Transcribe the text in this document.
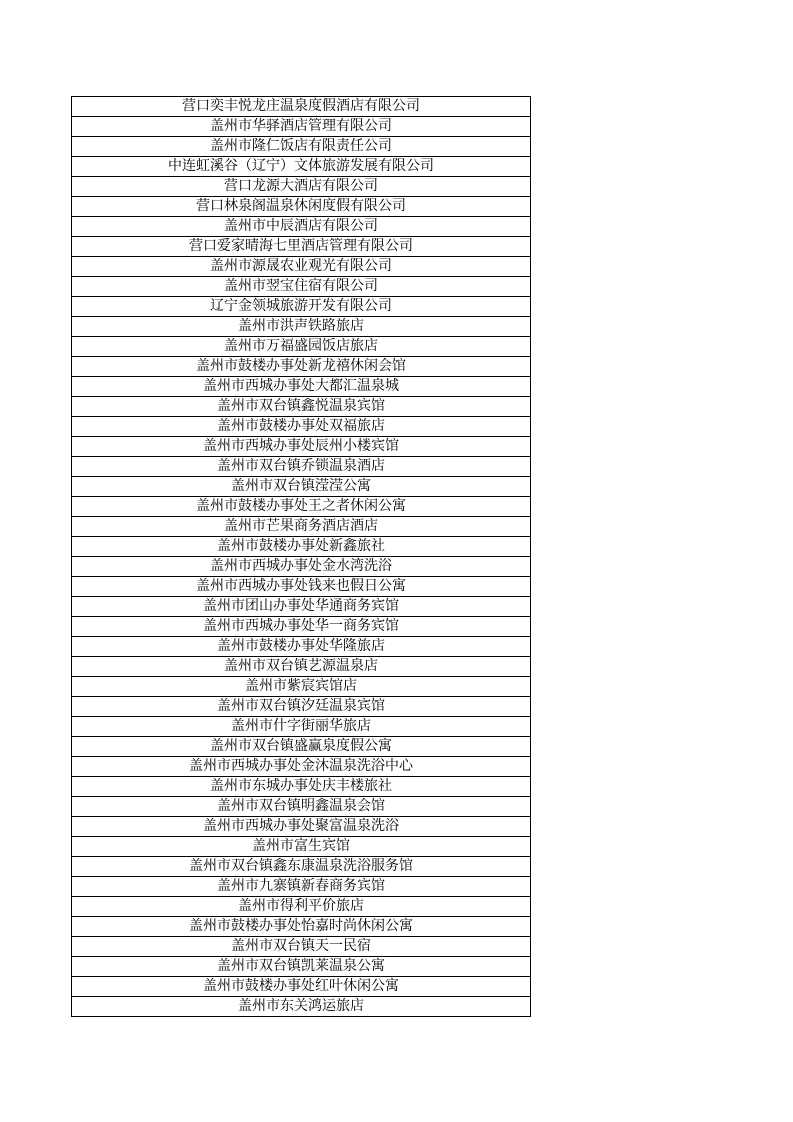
营口奕丰悦龙庄温泉度假酒店有限公司
盖州市华驿酒店管理有限公司
盖州市隆仁饭店有限责任公司
中连虹溪谷（辽宁）文体旅游发展有限公司
营口龙源大酒店有限公司
营口林泉阁温泉休闲度假有限公司
盖州市中辰酒店有限公司
营口爱家晴海七里酒店管理有限公司
盖州市源晟农业观光有限公司
盖州市翌宝住宿有限公司
辽宁金领城旅游开发有限公司
盖州市洪声铁路旅店
盖州市万福盛园饭店旅店
盖州市鼓楼办事处新龙禧休闲会馆
盖州市西城办事处大都汇温泉城
盖州市双台镇鑫悦温泉宾馆
盖州市鼓楼办事处双福旅店
盖州市西城办事处辰州小楼宾馆
盖州市双台镇乔锁温泉酒店
盖州市双台镇滢滢公寓
盖州市鼓楼办事处王之者休闲公寓
盖州市芒果商务酒店酒店
盖州市鼓楼办事处新鑫旅社
盖州市西城办事处金水湾洗浴
盖州市西城办事处钱来也假日公寓
盖州市团山办事处华通商务宾馆
盖州市西城办事处华一商务宾馆
盖州市鼓楼办事处华隆旅店
盖州市双台镇艺源温泉店
盖州市紫宸宾馆店
盖州市双台镇汐廷温泉宾馆
盖州市什字街丽华旅店
盖州市双台镇盛赢泉度假公寓
盖州市西城办事处金沐温泉洗浴中心
盖州市东城办事处庆丰楼旅社
盖州市双台镇明鑫温泉会馆
盖州市西城办事处聚富温泉洗浴
盖州市富生宾馆
盖州市双台镇鑫东康温泉洗浴服务馆
盖州市九寨镇新春商务宾馆
盖州市得利平价旅店
盖州市鼓楼办事处怡嘉时尚休闲公寓
盖州市双台镇天一民宿
盖州市双台镇凯莱温泉公寓
盖州市鼓楼办事处红叶休闲公寓
盖州市东关鸿运旅店
